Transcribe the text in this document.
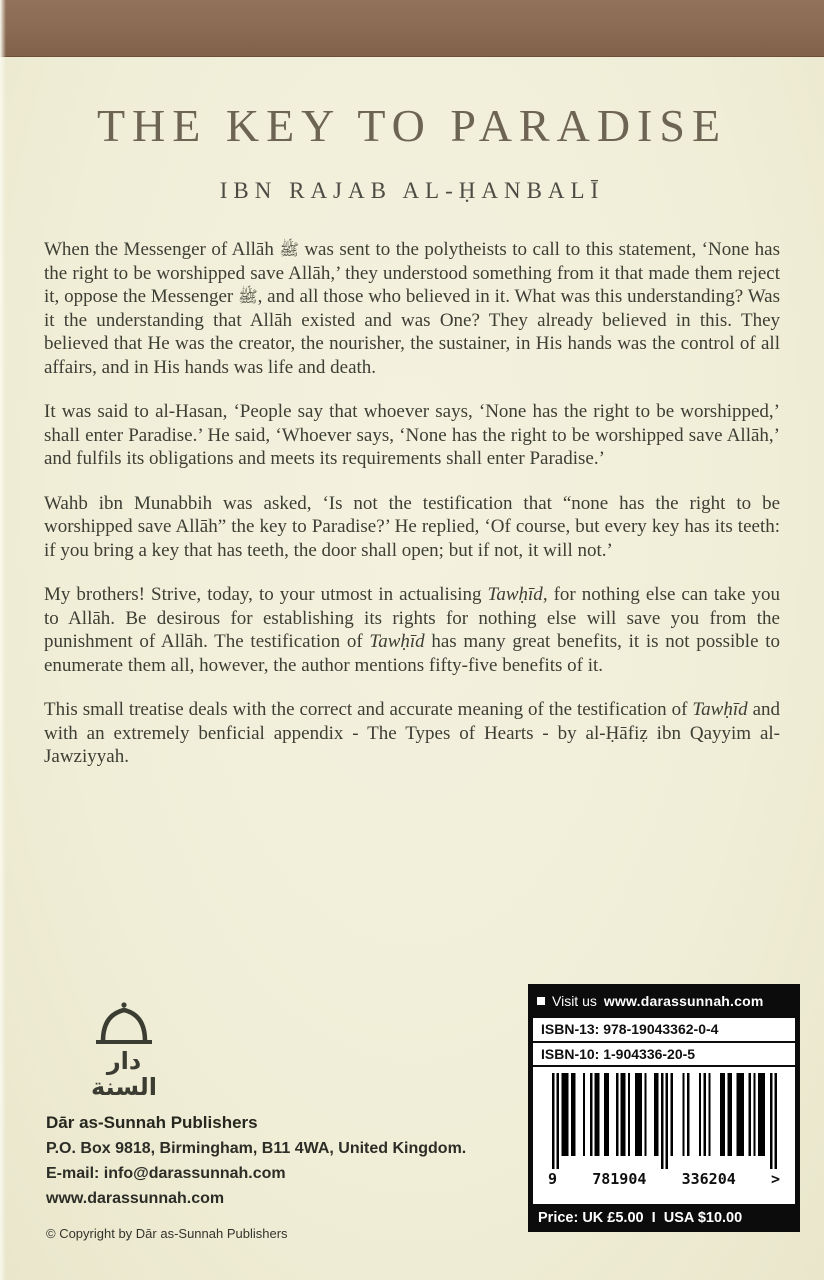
THE KEY TO PARADISE
IBN RAJAB AL-ḤANBALĪ

When the Messenger of Allāh ﷺ was sent to the polytheists to call to this statement, ‘None has the right to be worshipped save Allāh,’ they understood something from it that made them reject it, oppose the Messenger ﷺ, and all those who believed in it. What was this understanding? Was it the understanding that Allāh existed and was One? They already believed in this. They believed that He was the creator, the nourisher, the sustainer, in His hands was the control of all affairs, and in His hands was life and death.

It was said to al-Hasan, ‘People say that whoever says, ‘None has the right to be worshipped,’ shall enter Paradise.’ He said, ‘Whoever says, ‘None has the right to be worshipped save Allāh,’ and fulfils its obligations and meets its requirements shall enter Paradise.’

Wahb ibn Munabbih was asked, ‘Is not the testification that “none has the right to be worshipped save Allāh” the key to Paradise?’ He replied, ‘Of course, but every key has its teeth: if you bring a key that has teeth, the door shall open; but if not, it will not.’

My brothers! Strive, today, to your utmost in actualising Tawḥīd, for nothing else can take you to Allāh. Be desirous for establishing its rights for nothing else will save you from the punishment of Allāh. The testification of Tawḥīd has many great benefits, it is not possible to enumerate them all, however, the author mentions fifty-five benefits of it.

This small treatise deals with the correct and accurate meaning of the testification of Tawḥīd and with an extremely benficial appendix - The Types of Hearts - by al-Ḥāfiẓ ibn Qayyim al-Jawziyyah.

دار السنة
Dār as-Sunnah Publishers
P.O. Box 9818, Birmingham, B11 4WA, United Kingdom.
E-mail: info@darassunnah.com
www.darassunnah.com
© Copyright by Dār as-Sunnah Publishers
Visit us www.darassunnah.com
ISBN-13: 978-19043362-0-4
ISBN-10: 1-904336-20-5
9 781904 336204 >
Price: UK £5.00  I  USA $10.00
